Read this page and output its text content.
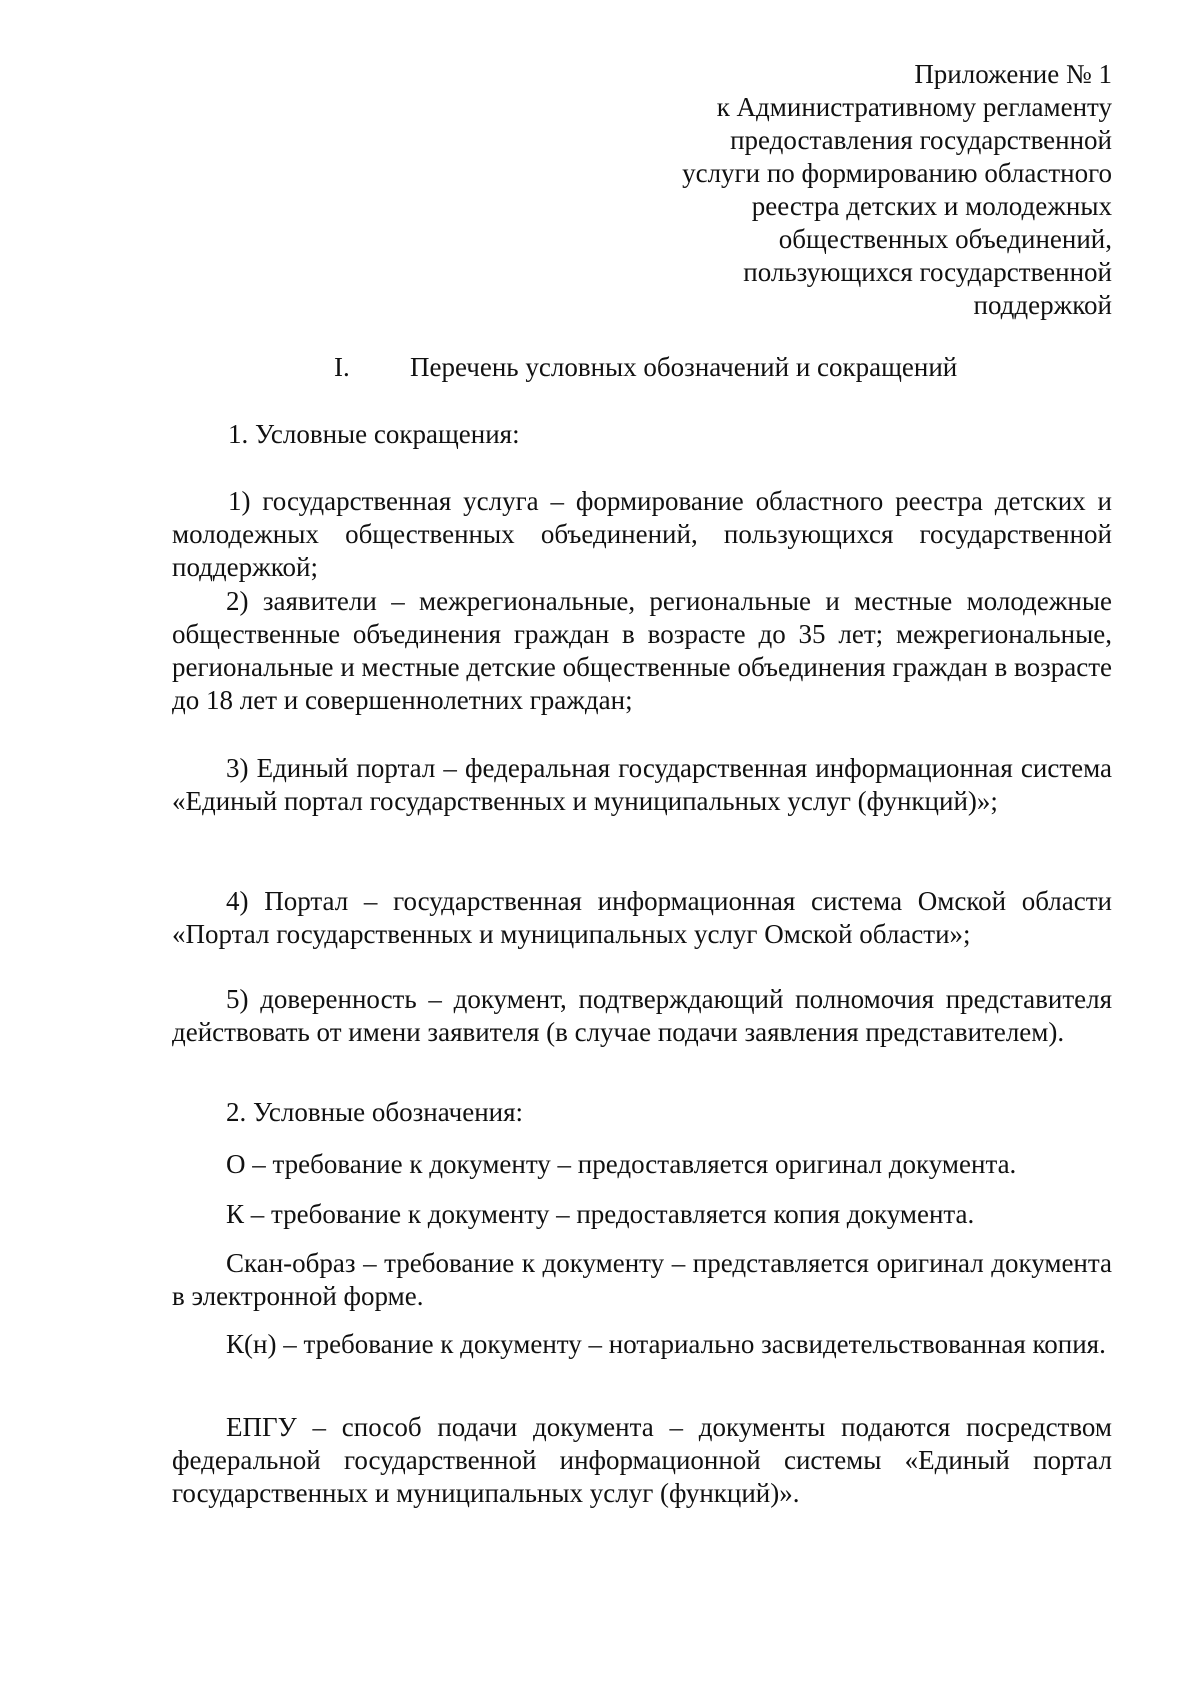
Приложение № 1
к Административному регламенту
предоставления государственной
услуги по формированию областного
реестра детских и молодежных
общественных объединений,
пользующихся государственной
поддержкой
I. Перечень условных обозначений и сокращений
1. Условные сокращения:
1) государственная услуга – формирование областного реестра детских и молодежных общественных объединений, пользующихся государственной поддержкой;
2) заявители – межрегиональные, региональные и местные молодежные общественные объединения граждан в возрасте до 35 лет; межрегиональные, региональные и местные детские общественные объединения граждан в возрасте до 18 лет и совершеннолетних граждан;
3) Единый портал – федеральная государственная информационная система «Единый портал государственных и муниципальных услуг (функций)»;
4) Портал – государственная информационная система Омской области «Портал государственных и муниципальных услуг Омской области»;
5) доверенность – документ, подтверждающий полномочия представителя действовать от имени заявителя (в случае подачи заявления представителем).
2. Условные обозначения:
О – требование к документу – предоставляется оригинал документа.
К – требование к документу – предоставляется копия документа.
Скан-образ – требование к документу – представляется оригинал документа в электронной форме.
К(н) – требование к документу – нотариально засвидетельствованная копия.
ЕПГУ – способ подачи документа – документы подаются посредством федеральной государственной информационной системы «Единый портал государственных и муниципальных услуг (функций)».
